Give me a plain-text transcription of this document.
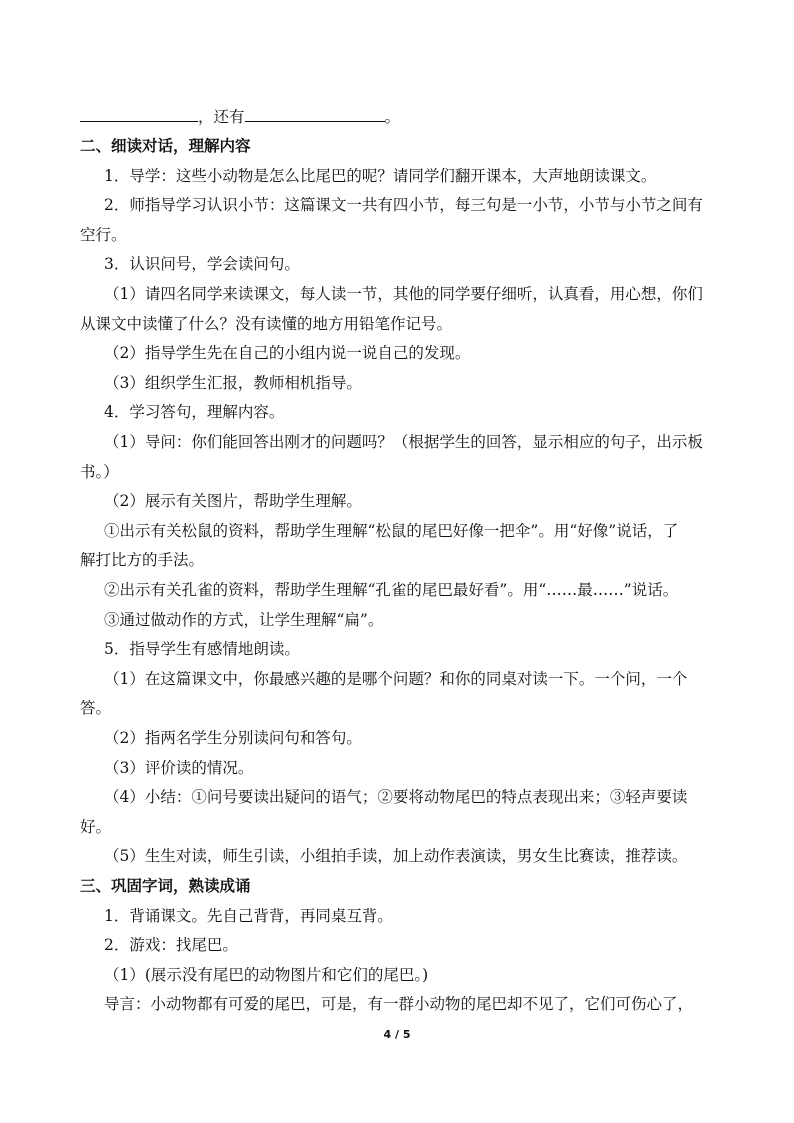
，还有	。
二、细读对话，理解内容
1．导学：这些小动物是怎么比尾巴的呢？请同学们翻开课本，大声地朗读课文。
2．师指导学习认识小节：这篇课文一共有四小节，每三句是一小节，小节与小节之间有
空行。
3．认识问号，学会读问句。
（1）请四名同学来读课文，每人读一节，其他的同学要仔细听，认真看，用心想，你们
从课文中读懂了什么？没有读懂的地方用铅笔作记号。
（2）指导学生先在自己的小组内说一说自己的发现。
（3）组织学生汇报，教师相机指导。
4．学习答句，理解内容。
（1）导问：你们能回答出刚才的问题吗？（根据学生的回答，显示相应的句子，出示板
书。）
（2）展示有关图片，帮助学生理解。
①出示有关松鼠的资料，帮助学生理解“松鼠的尾巴好像一把伞”。用“好像”说话，了
解打比方的手法。
②出示有关孔雀的资料，帮助学生理解“孔雀的尾巴最好看”。用“……最……”说话。
③通过做动作的方式，让学生理解“扁”。
5．指导学生有感情地朗读。
（1）在这篇课文中，你最感兴趣的是哪个问题？和你的同桌对读一下。一个问，一个
答。
（2）指两名学生分别读问句和答句。
（3）评价读的情况。
（4）小结：①问号要读出疑问的语气；②要将动物尾巴的特点表现出来；③轻声要读
好。
（5）生生对读，师生引读，小组拍手读，加上动作表演读，男女生比赛读，推荐读。
三、巩固字词，熟读成诵
1．背诵课文。先自己背背，再同桌互背。
2．游戏：找尾巴。
（1）(展示没有尾巴的动物图片和它们的尾巴。)
导言：小动物都有可爱的尾巴，可是，有一群小动物的尾巴却不见了，它们可伤心了，
4 / 5
